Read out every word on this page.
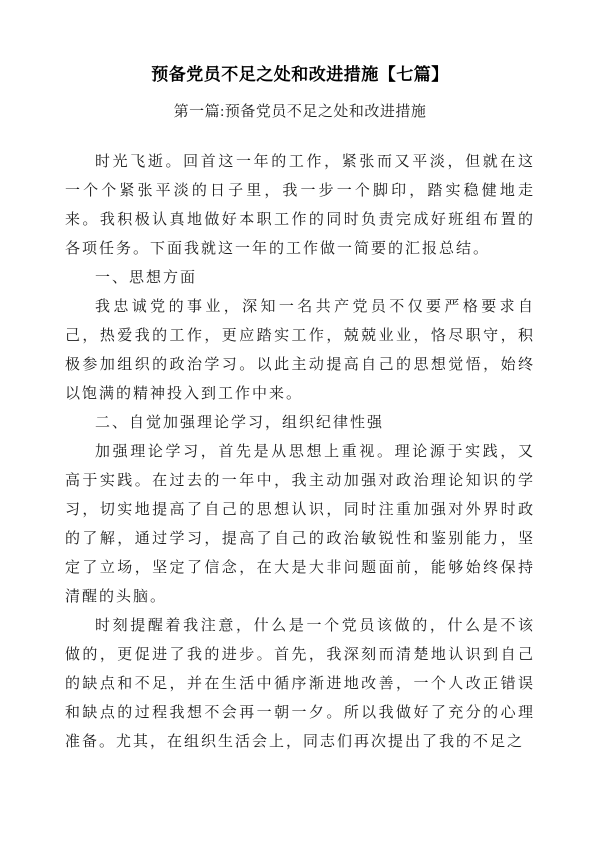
预备党员不足之处和改进措施【七篇】
第一篇:预备党员不足之处和改进措施

时光飞逝。回首这一年的工作，紧张而又平淡，但就在这一个个紧张平淡的日子里，我一步一个脚印，踏实稳健地走来。我积极认真地做好本职工作的同时负责完成好班组布置的各项任务。下面我就这一年的工作做一简要的汇报总结。

一、思想方面

我忠诚党的事业，深知一名共产党员不仅要严格要求自己，热爱我的工作，更应踏实工作，兢兢业业，恪尽职守，积极参加组织的政治学习。以此主动提高自己的思想觉悟，始终以饱满的精神投入到工作中来。

二、自觉加强理论学习，组织纪律性强

加强理论学习，首先是从思想上重视。理论源于实践，又高于实践。在过去的一年中，我主动加强对政治理论知识的学习，切实地提高了自己的思想认识，同时注重加强对外界时政的了解，通过学习，提高了自己的政治敏锐性和鉴别能力，坚定了立场，坚定了信念，在大是大非问题面前，能够始终保持清醒的头脑。

时刻提醒着我注意，什么是一个党员该做的，什么是不该做的，更促进了我的进步。首先，我深刻而清楚地认识到自己的缺点和不足，并在生活中循序渐进地改善，一个人改正错误和缺点的过程我想不会再一朝一夕。所以我做好了充分的心理准备。尤其，在组织生活会上，同志们再次提出了我的不足之
